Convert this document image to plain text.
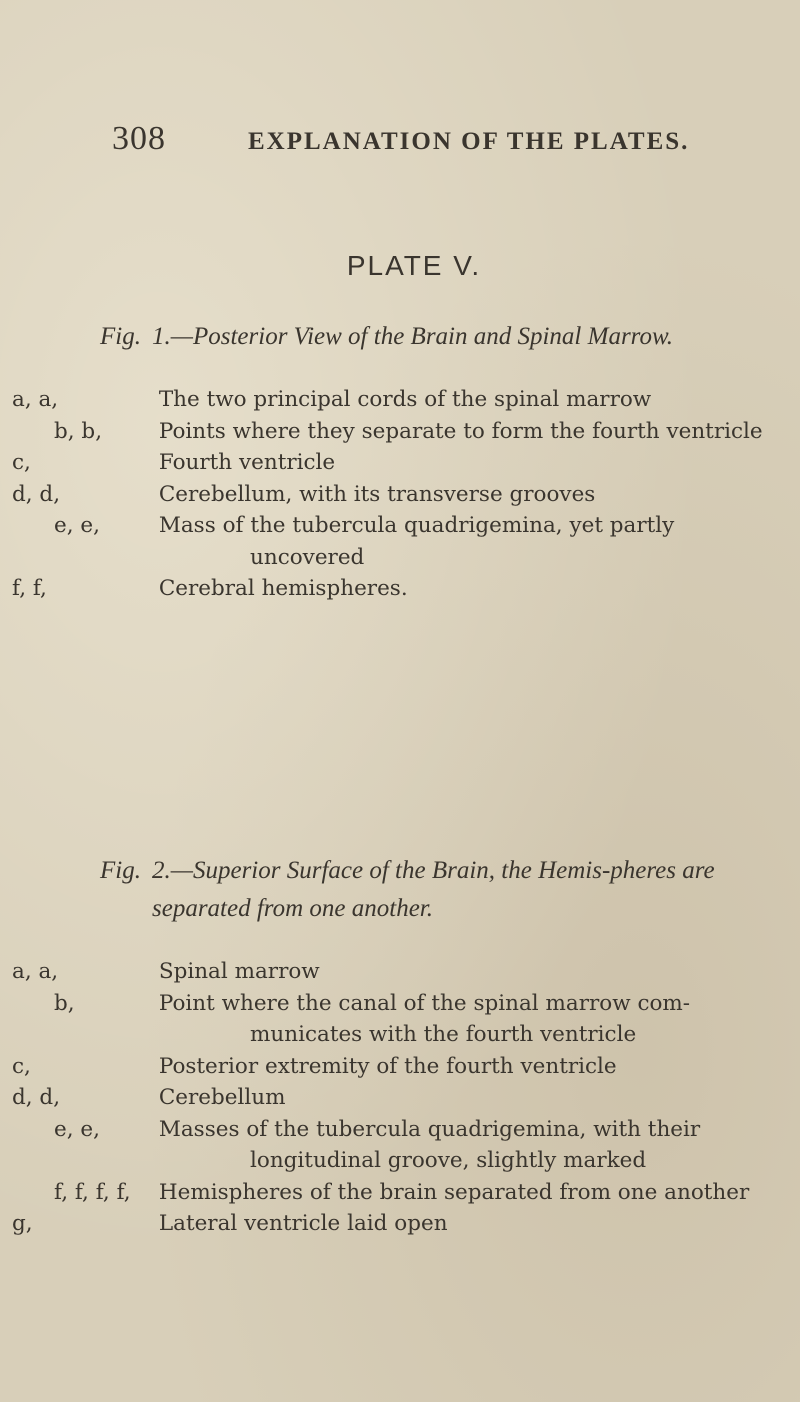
308	EXPLANATION OF THE PLATES.
PLATE V.
Fig. 1.—Posterior View of the Brain and Spinal Marrow.
a, a,	The two principal cords of the spinal marrow
b, b,	Points where they separate to form the fourth ventricle
c,	Fourth ventricle
d, d,	Cerebellum, with its transverse grooves
e, e,	Mass of the tubercula quadrigemina, yet partly uncovered
f, f,	Cerebral hemispheres.
Fig. 2.—Superior Surface of the Brain, the Hemis-pheres are separated from one another.
a, a,	Spinal marrow
b,	Point where the canal of the spinal marrow com-municates with the fourth ventricle
c,	Posterior extremity of the fourth ventricle
d, d,	Cerebellum
e, e,	Masses of the tubercula quadrigemina, with their longitudinal groove, slightly marked
f, f, f, f, Hemispheres of the brain separated from one another
g,	Lateral ventricle laid open
